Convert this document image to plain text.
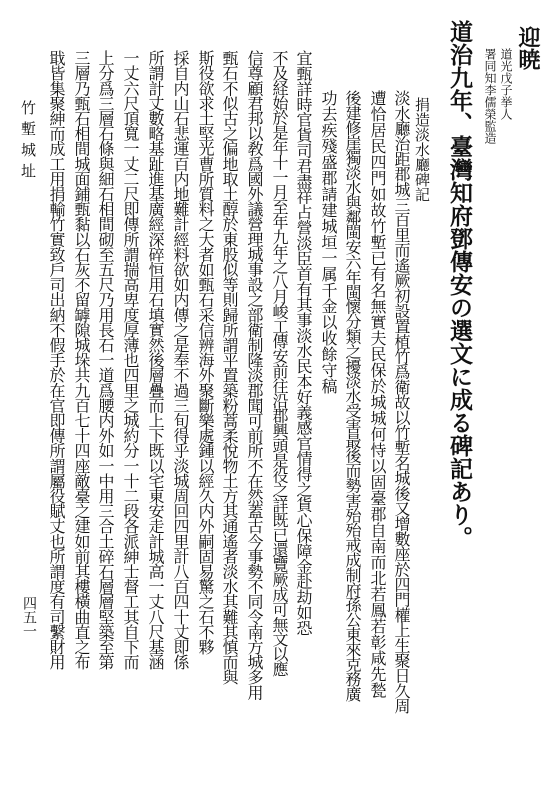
迎暁
道光戊子挙人
署同知李儒榮監造
道治九年、臺灣知府鄧傳安の選文に成る碑記あり。
捐造淡水廳碑記
淡水廳治距郡城三百里而遙厥初設置植竹爲衛故以竹塹名城後又增數座於四門權上生聚日久周
遭恰居民四門如故竹塹已有名無實夫民保於城城何恃以固臺郡自南而北若鳳若彰咸先甃
後建修崖獨淡水與鄰閩安六年閩懷分類之擾淡水受害最後而勢害殆殆戒成制府孫公東來克務廣
功去疾殘盛郡請建城垣一属千金以收餘守稿
宜甄詳時官貨司君盡祥占營淡臣首有其事淡水民本好義感官情得之貨心保障金赴劫如恐
不及経始於是年十一月至年九年之八月峻工傳安前往沿郡興頭是役之詳既已還覽厥成可無文以應
信尊顧君邦以敎爲國外議營理城事設之部衛制隆淡郡聞可前所不在然蓋古今事勢不同令南方城多用
甄石不似古之偏地取土醇於東股似等則歸所謂平置築粉蒿柔悅物土方其通遙者淡水其難其慎而與
斯役欲求土堅光曹所質料之大者如甄石采信辨海外聚斷樂處鍾以經久内外嗣固易驚之石不夥
採自内山石悲運百内地難計經料欲如内傳之是奉不過三旬得乎淡城周回四里計八百四十丈即係
所謂計丈數略基趾進基廣經深碎恒用石填實然後層疊而上下既以宅東安走計城高一丈八尺基涵
一丈六尺頂寬一丈二尺即傳所謂揣高卑度厚薄也四里之城約分一十二段各派紳士督工其自下而
上分爲三層石條與細石相間砌至五尺乃用長石一道爲腰内外如一中用三合土碎石層層堅築至第
三層乃甄石相間城面鋪甄黏以石灰不留罅隙城垛共九百七十四座敵臺之建如前其樓橫曲直之布
戢皆集聚紳而成工用捐輸竹實致戶司出納不假手於在官即傳所謂屬役賦丈也所謂度有司繫財用
竹塹城址
四五一
